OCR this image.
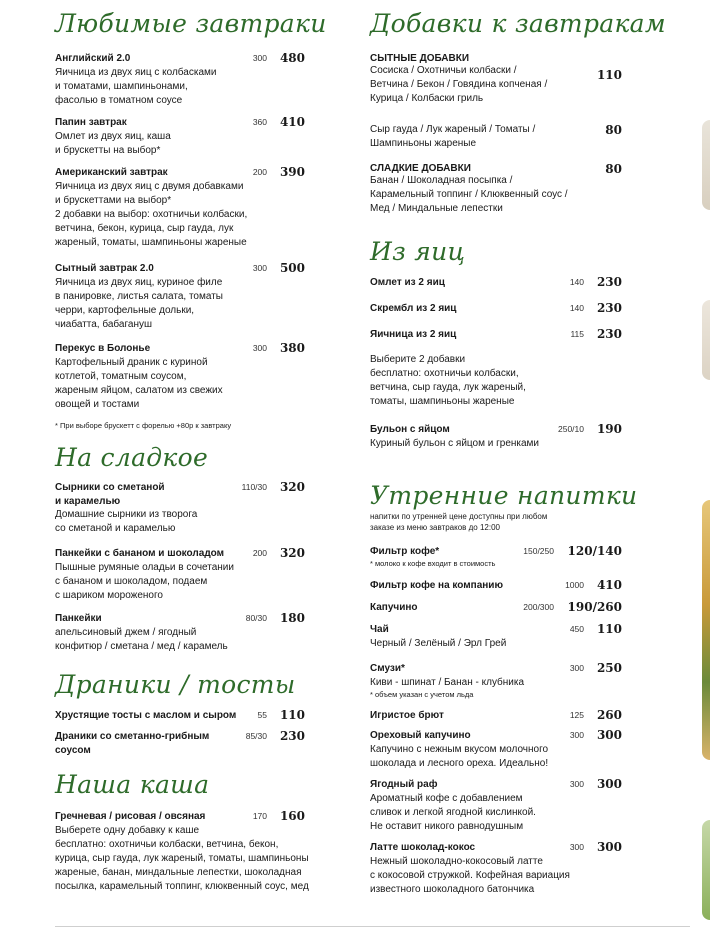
Любимые завтраки
Английский 2.0	300 480
Яичница из двух яиц с колбасками
и томатами, шампиньонами,
фасолью в томатном соусе
Папин завтрак	360 410
Омлет из двух яиц, каша
и брускетты на выбор*
Американский завтрак	200 390
Яичница из двух яиц с двумя добавками
и брускеттами на выбор*
2 добавки на выбор: охотничьи колбаски,
ветчина, бекон, курица, сыр гауда, лук
жареный, томаты, шампиньоны жареные
Сытный завтрак 2.0	300 500
Яичница из двух яиц, куриное филе
в панировке, листья салата, томаты
черри, картофельные дольки,
чиабатта, бабагануш
Перекус в Болонье	300 380
Картофельный драник с куриной
котлетой, томатным соусом,
жареным яйцом, салатом из свежих
овощей и тостами
* При выборе брускетт с форелью +80р к завтраку
На сладкое
Сырники со сметаной
и карамелью
110/30 320
Домашние сырники из творога
со сметаной и карамелью
Панкейки с бананом и шоколадом	200 320
Пышные румяные оладьи в сочетании
с бананом и шоколадом, подаем
с шариком мороженого
Панкейки	80/30 180
апельсиновый джем / ягодный
конфитюр / сметана / мед / карамель
Драники / тосты
Хрустящие тосты с маслом и сыром	55 110
Драники со сметанно-грибным
соусом
85/30 230
Наша каша
Гречневая / рисовая / овсяная	170 160
Выберете одну добавку к каше
бесплатно: охотничьи колбаски, ветчина, бекон,
курица, сыр гауда, лук жареный, томаты, шампиньоны
жареные, банан, миндальные лепестки, шоколадная
посылка, карамельный топпинг, клюквенный соус, мед
Добавки к завтракам
СЫТНЫЕ ДОБАВКИ
Сосиска / Охотничьи колбаски /
Ветчина / Бекон / Говядина копченая /
Курица / Колбаски гриль
110
Сыр гауда / Лук жареный / Томаты /
Шампиньоны жареные
80
СЛАДКИЕ ДОБАВКИ
Банан / Шоколадная посыпка /
Карамельный топпинг / Клюквенный соус /
Мед / Миндальные лепестки
80
Из яиц
Омлет из 2 яиц	140 230
Скрембл из 2 яиц	140 230
Яичница из 2 яиц	115 230
Выберите 2 добавки
бесплатно: охотничьи колбаски,
ветчина, сыр гауда, лук жареный,
томаты, шампиньоны жареные
Бульон с яйцом	250/10 190
Куриный бульон с яйцом и гренками
Утренние напитки
напитки по утренней цене доступны при любом
заказе из меню завтраков до 12:00
Фильтр кофе*	150/250 120/140
* молоко к кофе входит в стоимость
Фильтр кофе на компанию	1000 410
Капучино	200/300 190/260
Чай	450 110
Черный / Зелёный / Эрл Грей
Смузи*	300 250
Киви - шпинат / Банан - клубника
* объем указан с учетом льда
Игристое брют	125 260
Ореховый капучино	300 300
Капучино с нежным вкусом молочного
шоколада и лесного ореха. Идеально!
Ягодный раф	300 300
Ароматный кофе с добавлением
сливок и легкой ягодной кислинкой.
Не оставит никого равнодушным
Латте шоколад-кокос	300 300
Нежный шоколадно-кокосовый латте
с кокосовой стружкой. Кофейная вариация
известного шоколадного батончика
